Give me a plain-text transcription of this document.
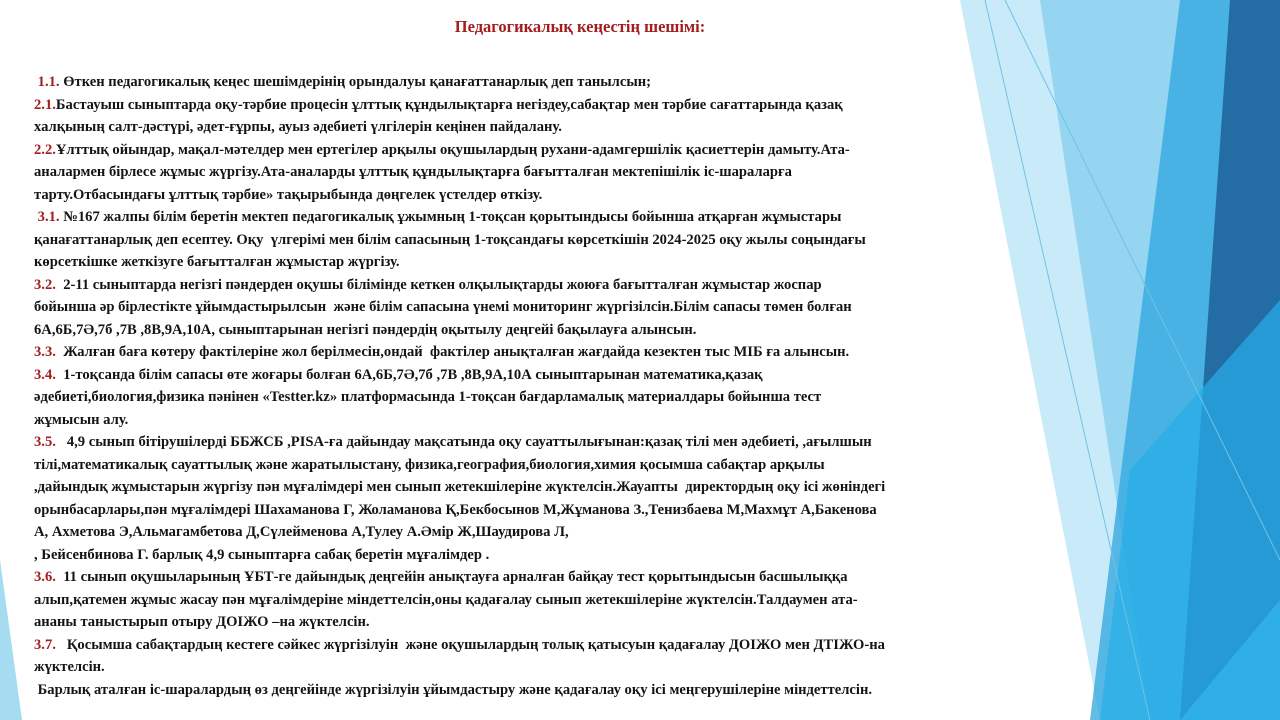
Педагогикалық кеңестің шешімі:

1.1. Өткен педагогикалық кеңес шешімдерінің орындалуы қанағаттанарлық деп танылсын;

2.1.Бастауыш сыныптарда оқу-тәрбие процесін ұлттық құндылықтарға негіздеу,сабақтар мен тәрбие сағаттарында қазақ
халқының салт-дәстүрі, әдет-ғұрпы, ауыз әдебиеті үлгілерін кеңінен пайдалану.

2.2.Ұлттық ойындар, мақал-мәтелдер мен ертегілер арқылы оқушылардың рухани-адамгершілік қасиеттерін дамыту.Ата-
аналармен бірлесе жұмыс жүргізу.Ата-аналарды ұлттық құндылықтарға бағытталған мектепішілік іс-шараларға
тарту.Отбасындағы ұлттық тәрбие» тақырыбында дөңгелек үстелдер өткізу.

3.1. №167 жалпы білім беретін мектеп педагогикалық ұжымның 1-тоқсан қорытындысы бойынша атқарған жұмыстары
қанағаттанарлық деп есептеу. Оқу  үлгерімі мен білім сапасының 1-тоқсандағы көрсеткішін 2024-2025 оқу жылы соңындағы
көрсеткішке жеткізуге бағытталған жұмыстар жүргізу.

3.2.  2-11 сыныптарда негізгі пәндерден оқушы білімінде кеткен олқылықтарды жоюға бағытталған жұмыстар жоспар
бойынша әр бірлестікте ұйымдастырылсын  және білім сапасына үнемі мониторинг жүргізілсін.Білім сапасы төмен болған
6А,6Б,7Ә,7б ,7В ,8В,9А,10А, сыныптарынан негізгі пәндердің оқытылу деңгейі бақылауға алынсын.

3.3.  Жалған баға көтеру фактілеріне жол берілмесін,ондай  фактілер анықталған жағдайда кезектен тыс МІБ ға алынсын.

3.4.  1-тоқсанда білім сапасы өте жоғары болған 6А,6Б,7Ә,7б ,7В ,8В,9А,10А сыныптарынан математика,қазақ
әдебиеті,биология,физика пәнінен «Testter.kz» платформасында 1-тоқсан бағдарламалық материалдары бойынша тест
жұмысын алу.

3.5.   4,9 сынып бітірушілерді ББЖСБ ,PISA-ға дайындау мақсатында оқу сауаттылығынан:қазақ тілі мен әдебиеті, ,ағылшын
тілі,математикалық сауаттылық және жаратылыстану, физика,география,биология,химия қосымша сабақтар арқылы
,дайындық жұмыстарын жүргізу пән мұғалімдері мен сынып жетекшілеріне жүктелсін.Жауапты  директордың оқу ісі жөніндегі
орынбасарлары,пән мұғалімдері Шахаманова Г, Жоламанова Қ,Бекбосынов М,Жұманова З.,Тенизбаева М,Махмұт А,Бакенова
А, Ахметова Э,Альмагамбетова Д,Сүлейменова А,Тулеу А.Әмір Ж,Шаудирова Л,
, Бейсенбинова Г. барлық 4,9 сыныптарға сабақ беретін мұғалімдер .

3.6.  11 сынып оқушыларының ҰБТ-ге дайындық деңгейін анықтауға арналған байқау тест қорытындысын басшылыққа
алып,қатемен жұмыс жасау пән мұғалімдеріне міндеттелсін,оны қадағалау сынып жетекшілеріне жүктелсін.Талдаумен ата-
ананы таныстырып отыру ДОІЖО –на жүктелсін.

3.7.   Қосымша сабақтардың кестеге сәйкес жүргізілуін  және оқушылардың толық қатысуын қадағалау ДОІЖО мен ДТІЖО-на
жүктелсін.

Барлық аталған іс-шаралардың өз деңгейінде жүргізілуін ұйымдастыру және қадағалау оқу ісі меңгерушілеріне міндеттелсін.
